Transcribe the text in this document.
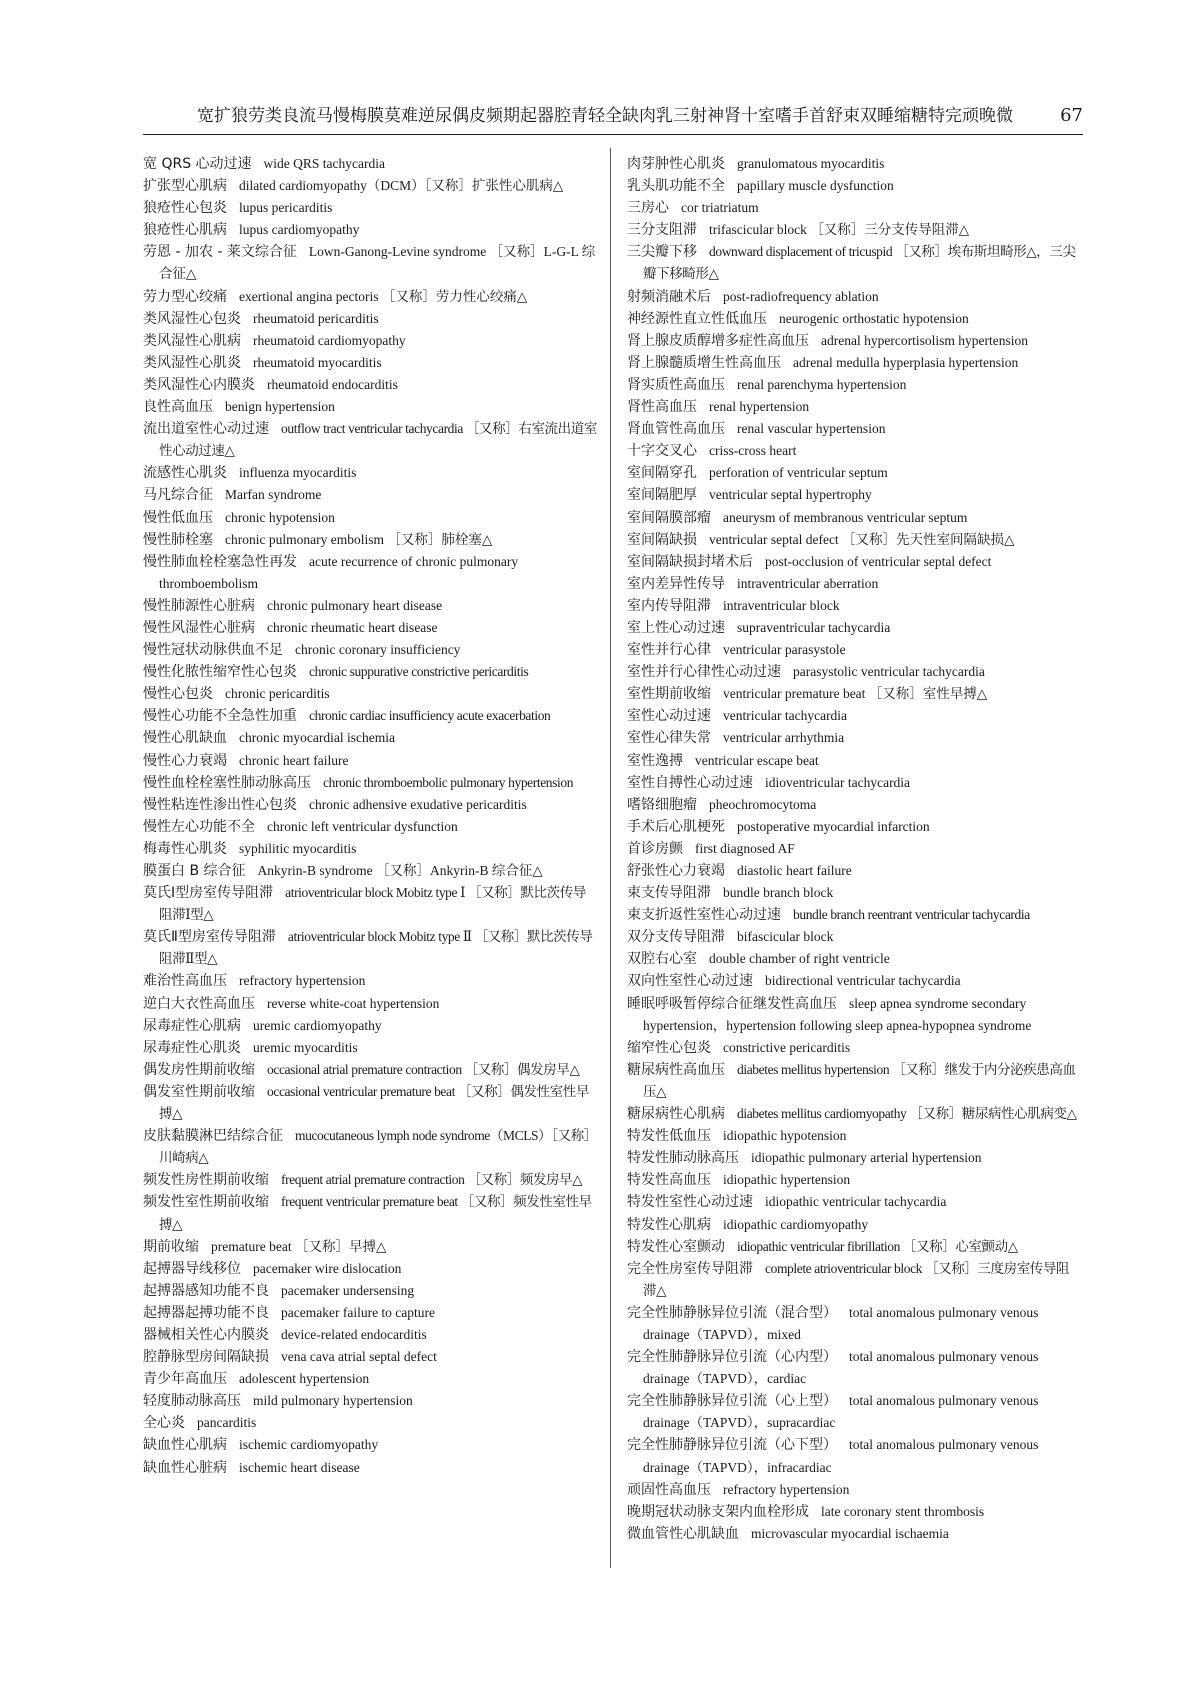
宽扩狼劳类良流马慢梅膜莫难逆尿偶皮频期起器腔青轻全缺肉乳三射神肾十室嗜手首舒束双睡缩糖特完顽晚微	67
宽 QRS 心动过速 wide QRS tachycardia
扩张型心肌病 dilated cardiomyopathy（DCM）［又称］扩张性心肌病△
狼疮性心包炎 lupus pericarditis
狼疮性心肌病 lupus cardiomyopathy
劳恩 - 加农 - 莱文综合征 Lown-Ganong-Levine syndrome ［又称］L-G-L 综合征△
劳力型心绞痛 exertional angina pectoris ［又称］劳力性心绞痛△
类风湿性心包炎 rheumatoid pericarditis
类风湿性心肌病 rheumatoid cardiomyopathy
类风湿性心肌炎 rheumatoid myocarditis
类风湿性心内膜炎 rheumatoid endocarditis
良性高血压 benign hypertension
流出道室性心动过速 outflow tract ventricular tachycardia ［又称］右室流出道室性心动过速△
流感性心肌炎 influenza myocarditis
马凡综合征 Marfan syndrome
慢性低血压 chronic hypotension
慢性肺栓塞 chronic pulmonary embolism ［又称］肺栓塞△
慢性肺血栓栓塞急性再发 acute recurrence of chronic pulmonary thromboembolism
慢性肺源性心脏病 chronic pulmonary heart disease
慢性风湿性心脏病 chronic rheumatic heart disease
慢性冠状动脉供血不足 chronic coronary insufficiency
慢性化脓性缩窄性心包炎 chronic suppurative constrictive pericarditis
慢性心包炎 chronic pericarditis
慢性心功能不全急性加重 chronic cardiac insufficiency acute exacerbation
慢性心肌缺血 chronic myocardial ischemia
慢性心力衰竭 chronic heart failure
慢性血栓栓塞性肺动脉高压 chronic thromboembolic pulmonary hypertension
慢性粘连性渗出性心包炎 chronic adhensive exudative pericarditis
慢性左心功能不全 chronic left ventricular dysfunction
梅毒性心肌炎 syphilitic myocarditis
膜蛋白 B 综合征 Ankyrin-B syndrome ［又称］Ankyrin-B 综合征△
莫氏Ⅰ型房室传导阻滞 atrioventricular block Mobitz type Ⅰ ［又称］默比茨传导阻滞Ⅰ型△
莫氏Ⅱ型房室传导阻滞 atrioventricular block Mobitz type Ⅱ ［又称］默比茨传导阻滞Ⅱ型△
难治性高血压 refractory hypertension
逆白大衣性高血压 reverse white-coat hypertension
尿毒症性心肌病 uremic cardiomyopathy
尿毒症性心肌炎 uremic myocarditis
偶发房性期前收缩 occasional atrial premature contraction ［又称］偶发房早△
偶发室性期前收缩 occasional ventricular premature beat ［又称］偶发性室性早搏△
皮肤黏膜淋巴结综合征 mucocutaneous lymph node syndrome（MCLS）［又称］川崎病△
频发性房性期前收缩 frequent atrial premature contraction ［又称］频发房早△
频发性室性期前收缩 frequent ventricular premature beat ［又称］频发性室性早搏△
期前收缩 premature beat ［又称］早搏△
起搏器导线移位 pacemaker wire dislocation
起搏器感知功能不良 pacemaker undersensing
起搏器起搏功能不良 pacemaker failure to capture
器械相关性心内膜炎 device-related endocarditis
腔静脉型房间隔缺损 vena cava atrial septal defect
青少年高血压 adolescent hypertension
轻度肺动脉高压 mild pulmonary hypertension
全心炎 pancarditis
缺血性心肌病 ischemic cardiomyopathy
缺血性心脏病 ischemic heart disease
肉芽肿性心肌炎 granulomatous myocarditis
乳头肌功能不全 papillary muscle dysfunction
三房心 cor triatriatum
三分支阻滞 trifascicular block ［又称］三分支传导阻滞△
三尖瓣下移 downward displacement of tricuspid ［又称］埃布斯坦畸形△，三尖瓣下移畸形△
射频消融术后 post-radiofrequency ablation
神经源性直立性低血压 neurogenic orthostatic hypotension
肾上腺皮质醇增多症性高血压 adrenal hypercortisolism hypertension
肾上腺髓质增生性高血压 adrenal medulla hyperplasia hypertension
肾实质性高血压 renal parenchyma hypertension
肾性高血压 renal hypertension
肾血管性高血压 renal vascular hypertension
十字交叉心 criss-cross heart
室间隔穿孔 perforation of ventricular septum
室间隔肥厚 ventricular septal hypertrophy
室间隔膜部瘤 aneurysm of membranous ventricular septum
室间隔缺损 ventricular septal defect ［又称］先天性室间隔缺损△
室间隔缺损封堵术后 post-occlusion of ventricular septal defect
室内差异性传导 intraventricular aberration
室内传导阻滞 intraventricular block
室上性心动过速 supraventricular tachycardia
室性并行心律 ventricular parasystole
室性并行心律性心动过速 parasystolic ventricular tachycardia
室性期前收缩 ventricular premature beat ［又称］室性早搏△
室性心动过速 ventricular tachycardia
室性心律失常 ventricular arrhythmia
室性逸搏 ventricular escape beat
室性自搏性心动过速 idioventricular tachycardia
嗜铬细胞瘤 pheochromocytoma
手术后心肌梗死 postoperative myocardial infarction
首诊房颤 first diagnosed AF
舒张性心力衰竭 diastolic heart failure
束支传导阻滞 bundle branch block
束支折返性室性心动过速 bundle branch reentrant ventricular tachycardia
双分支传导阻滞 bifascicular block
双腔右心室 double chamber of right ventricle
双向性室性心动过速 bidirectional ventricular tachycardia
睡眠呼吸暂停综合征继发性高血压 sleep apnea syndrome secondary hypertension，hypertension following sleep apnea-hypopnea syndrome
缩窄性心包炎 constrictive pericarditis
糖尿病性高血压 diabetes mellitus hypertension ［又称］继发于内分泌疾患高血压△
糖尿病性心肌病 diabetes mellitus cardiomyopathy ［又称］糖尿病性心肌病变△
特发性低血压 idiopathic hypotension
特发性肺动脉高压 idiopathic pulmonary arterial hypertension
特发性高血压 idiopathic hypertension
特发性室性心动过速 idiopathic ventricular tachycardia
特发性心肌病 idiopathic cardiomyopathy
特发性心室颤动 idiopathic ventricular fibrillation ［又称］心室颤动△
完全性房室传导阻滞 complete atrioventricular block ［又称］三度房室传导阻滞△
完全性肺静脉异位引流（混合型） total anomalous pulmonary venous drainage（TAPVD），mixed
完全性肺静脉异位引流（心内型） total anomalous pulmonary venous drainage（TAPVD），cardiac
完全性肺静脉异位引流（心上型） total anomalous pulmonary venous drainage（TAPVD），supracardiac
完全性肺静脉异位引流（心下型） total anomalous pulmonary venous drainage（TAPVD），infracardiac
顽固性高血压 refractory hypertension
晚期冠状动脉支架内血栓形成 late coronary stent thrombosis
微血管性心肌缺血 microvascular myocardial ischaemia
